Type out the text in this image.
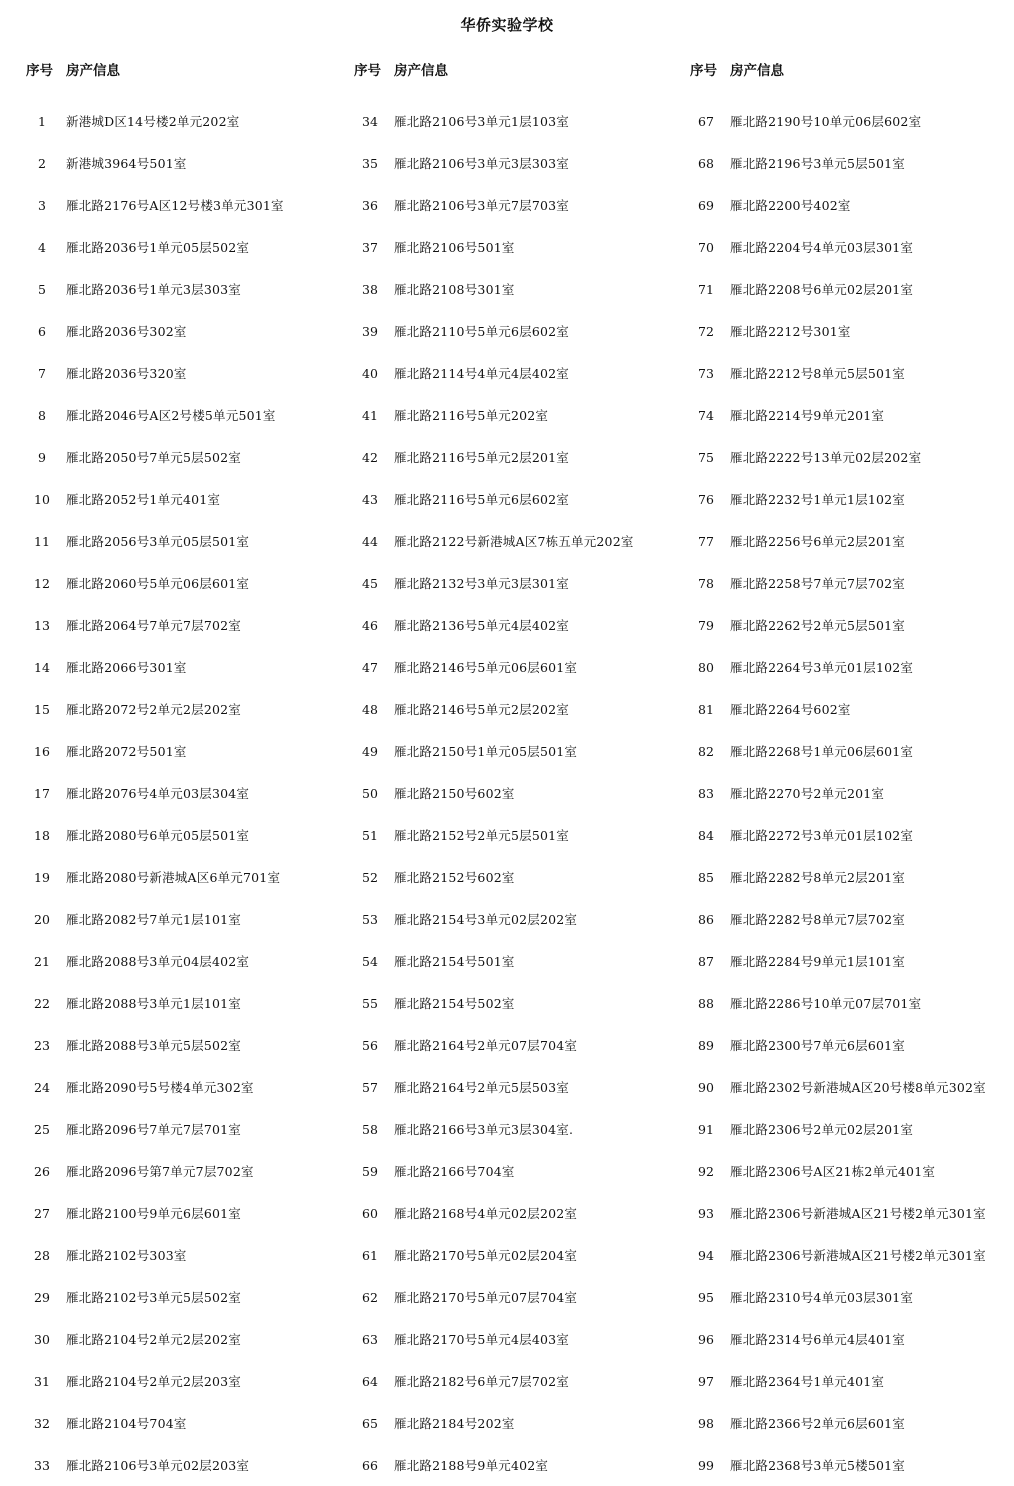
华侨实验学校
序号 房产信息
1	新港城D区14号楼2单元202室
2	新港城3964号501室
3	雁北路2176号A区12号楼3单元301室
4	雁北路2036号1单元05层502室
5	雁北路2036号1单元3层303室
6	雁北路2036号302室
7	雁北路2036号320室
8	雁北路2046号A区2号楼5单元501室
9	雁北路2050号7单元5层502室
10	雁北路2052号1单元401室
11	雁北路2056号3单元05层501室
12	雁北路2060号5单元06层601室
13	雁北路2064号7单元7层702室
14	雁北路2066号301室
15	雁北路2072号2单元2层202室
16	雁北路2072号501室
17	雁北路2076号4单元03层304室
18	雁北路2080号6单元05层501室
19	雁北路2080号新港城A区6单元701室
20	雁北路2082号7单元1层101室
21	雁北路2088号3单元04层402室
22	雁北路2088号3单元1层101室
23	雁北路2088号3单元5层502室
24	雁北路2090号5号楼4单元302室
25	雁北路2096号7单元7层701室
26	雁北路2096号第7单元7层702室
27	雁北路2100号9单元6层601室
28	雁北路2102号303室
29	雁北路2102号3单元5层502室
30	雁北路2104号2单元2层202室
31	雁北路2104号2单元2层203室
32	雁北路2104号704室
33	雁北路2106号3单元02层203室
序号 房产信息
34	雁北路2106号3单元1层103室
35	雁北路2106号3单元3层303室
36	雁北路2106号3单元7层703室
37	雁北路2106号501室
38	雁北路2108号301室
39	雁北路2110号5单元6层602室
40	雁北路2114号4单元4层402室
41	雁北路2116号5单元202室
42	雁北路2116号5单元2层201室
43	雁北路2116号5单元6层602室
44	雁北路2122号新港城A区7栋五单元202室
45	雁北路2132号3单元3层301室
46	雁北路2136号5单元4层402室
47	雁北路2146号5单元06层601室
48	雁北路2146号5单元2层202室
49	雁北路2150号1单元05层501室
50	雁北路2150号602室
51	雁北路2152号2单元5层501室
52	雁北路2152号602室
53	雁北路2154号3单元02层202室
54	雁北路2154号501室
55	雁北路2154号502室
56	雁北路2164号2单元07层704室
57	雁北路2164号2单元5层503室
58	雁北路2166号3单元3层304室.
59	雁北路2166号704室
60	雁北路2168号4单元02层202室
61	雁北路2170号5单元02层204室
62	雁北路2170号5单元07层704室
63	雁北路2170号5单元4层403室
64	雁北路2182号6单元7层702室
65	雁北路2184号202室
66	雁北路2188号9单元402室
序号 房产信息
67	雁北路2190号10单元06层602室
68	雁北路2196号3单元5层501室
69	雁北路2200号402室
70	雁北路2204号4单元03层301室
71	雁北路2208号6单元02层201室
72	雁北路2212号301室
73	雁北路2212号8单元5层501室
74	雁北路2214号9单元201室
75	雁北路2222号13单元02层202室
76	雁北路2232号1单元1层102室
77	雁北路2256号6单元2层201室
78	雁北路2258号7单元7层702室
79	雁北路2262号2单元5层501室
80	雁北路2264号3单元01层102室
81	雁北路2264号602室
82	雁北路2268号1单元06层601室
83	雁北路2270号2单元201室
84	雁北路2272号3单元01层102室
85	雁北路2282号8单元2层201室
86	雁北路2282号8单元7层702室
87	雁北路2284号9单元1层101室
88	雁北路2286号10单元07层701室
89	雁北路2300号7单元6层601室
90	雁北路2302号新港城A区20号楼8单元302室
91	雁北路2306号2单元02层201室
92	雁北路2306号A区21栋2单元401室
93	雁北路2306号新港城A区21号楼2单元301室
94	雁北路2306号新港城A区21号楼2单元301室
95	雁北路2310号4单元03层301室
96	雁北路2314号6单元4层401室
97	雁北路2364号1单元401室
98	雁北路2366号2单元6层601室
99	雁北路2368号3单元5楼501室
